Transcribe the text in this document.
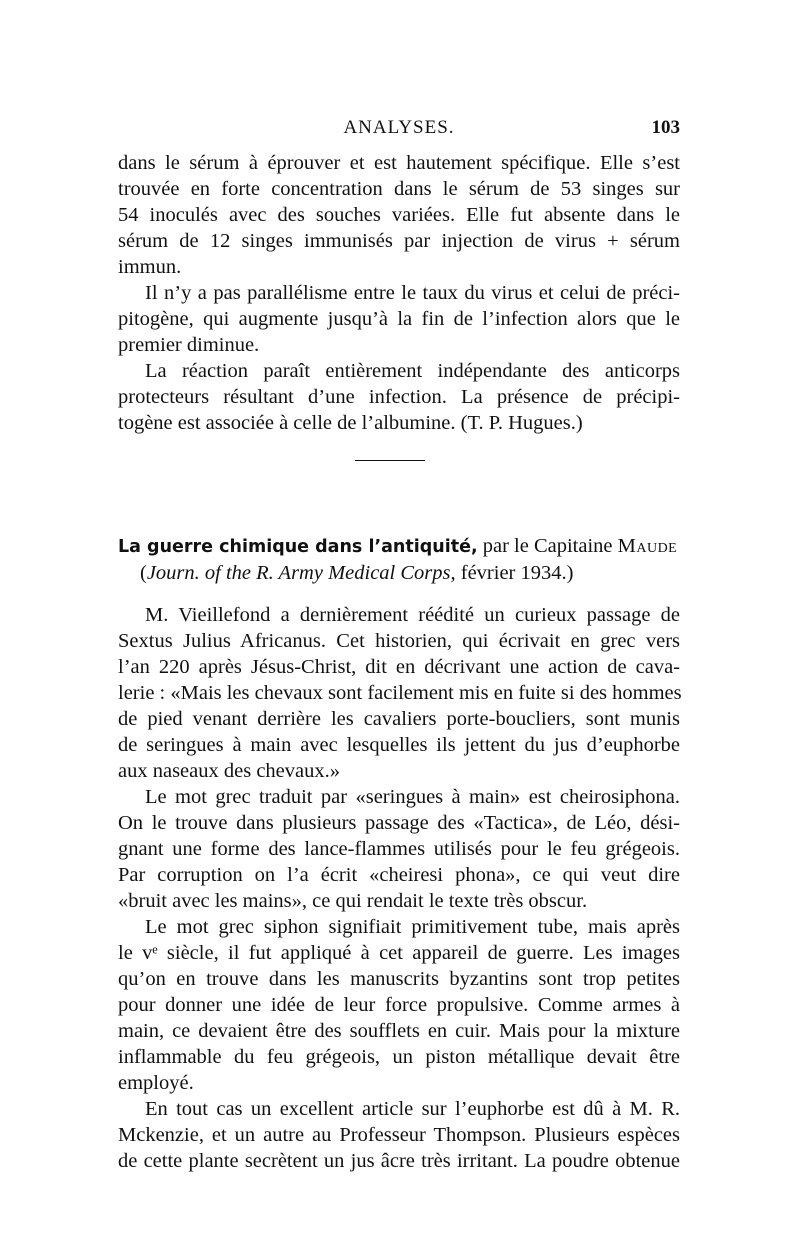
ANALYSES.	103
dans le sérum à éprouver et est hautement spécifique. Elle s’est
trouvée en forte concentration dans le sérum de 53 singes sur
54 inoculés avec des souches variées. Elle fut absente dans le
sérum de 12 singes immunisés par injection de virus + sérum
immun.
Il n’y a pas parallélisme entre le taux du virus et celui de préci-
pitogène, qui augmente jusqu’à la fin de l’infection alors que le
premier diminue.
La réaction paraît entièrement indépendante des anticorps
protecteurs résultant d’une infection. La présence de précipi-
togène est associée à celle de l’albumine. (T. P. Hugues.)
La guerre chimique dans l’antiquité, par le Capitaine Maude
(Journ. of the R. Army Medical Corps, février 1934.)
M. Vieillefond a dernièrement réédité un curieux passage de
Sextus Julius Africanus. Cet historien, qui écrivait en grec vers
l’an 220 après Jésus-Christ, dit en décrivant une action de cava-
lerie : «Mais les chevaux sont facilement mis en fuite si des hommes
de pied venant derrière les cavaliers porte-boucliers, sont munis
de seringues à main avec lesquelles ils jettent du jus d’euphorbe
aux naseaux des chevaux.»
Le mot grec traduit par «seringues à main» est cheirosiphona.
On le trouve dans plusieurs passage des «Tactica», de Léo, dési-
gnant une forme des lance-flammes utilisés pour le feu grégeois.
Par corruption on l’a écrit «cheiresi phona», ce qui veut dire
«bruit avec les mains», ce qui rendait le texte très obscur.
Le mot grec siphon signifiait primitivement tube, mais après
le vᵉ siècle, il fut appliqué à cet appareil de guerre. Les images
qu’on en trouve dans les manuscrits byzantins sont trop petites
pour donner une idée de leur force propulsive. Comme armes à
main, ce devaient être des soufflets en cuir. Mais pour la mixture
inflammable du feu grégeois, un piston métallique devait être
employé.
En tout cas un excellent article sur l’euphorbe est dû à M. R.
Mckenzie, et un autre au Professeur Thompson. Plusieurs espèces
de cette plante secrètent un jus âcre très irritant. La poudre obtenue
